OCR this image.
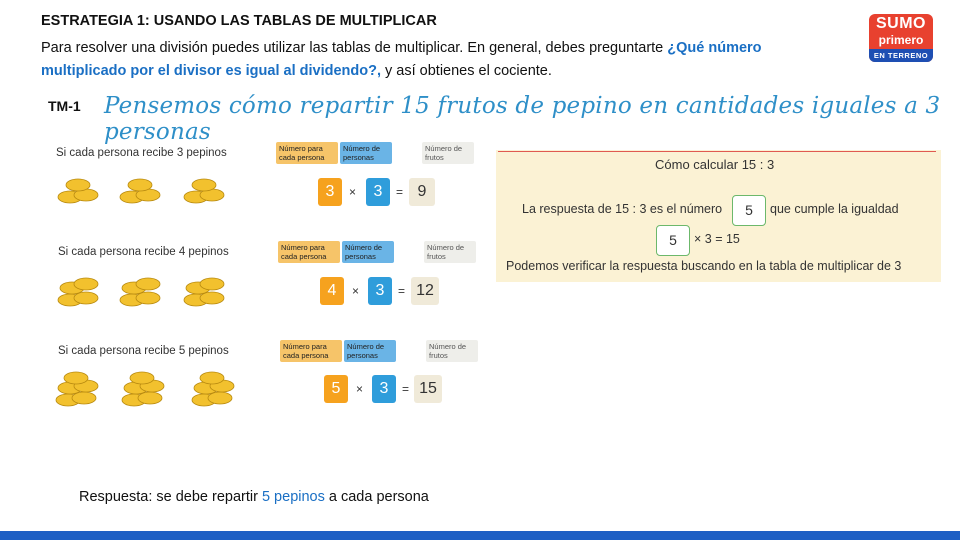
ESTRATEGIA 1: USANDO LAS TABLAS DE MULTIPLICAR
Para resolver una división puedes utilizar las tablas de multiplicar. En general, debes preguntarte ¿Qué número multiplicado por el divisor es igual al dividendo?, y así obtienes el cociente.
SUMO
primero
EN TERRENO
TM-1 Pensemos cómo repartir 15 frutos de pepino en cantidades iguales a 3 personas
Si cada persona recibe 3 pepinos	Número para cada persona
Número de personas
Número de frutos
3	×	3	= 9
Si cada persona recibe 4 pepinos	Número para cada persona
Número de personas
Número de frutos
4	×	3	= 12
Si cada persona recibe 5 pepinos	Número para cada persona
Número de personas
Número de frutos
5	×	3	= 15
Cómo calcular 15 : 3
La respuesta de 15 : 3 es el número	5	que cumple la igualdad
5	× 3 = 15
Podemos verificar la respuesta buscando en la tabla de multiplicar de 3
Respuesta: se debe repartir 5 pepinos a cada persona
